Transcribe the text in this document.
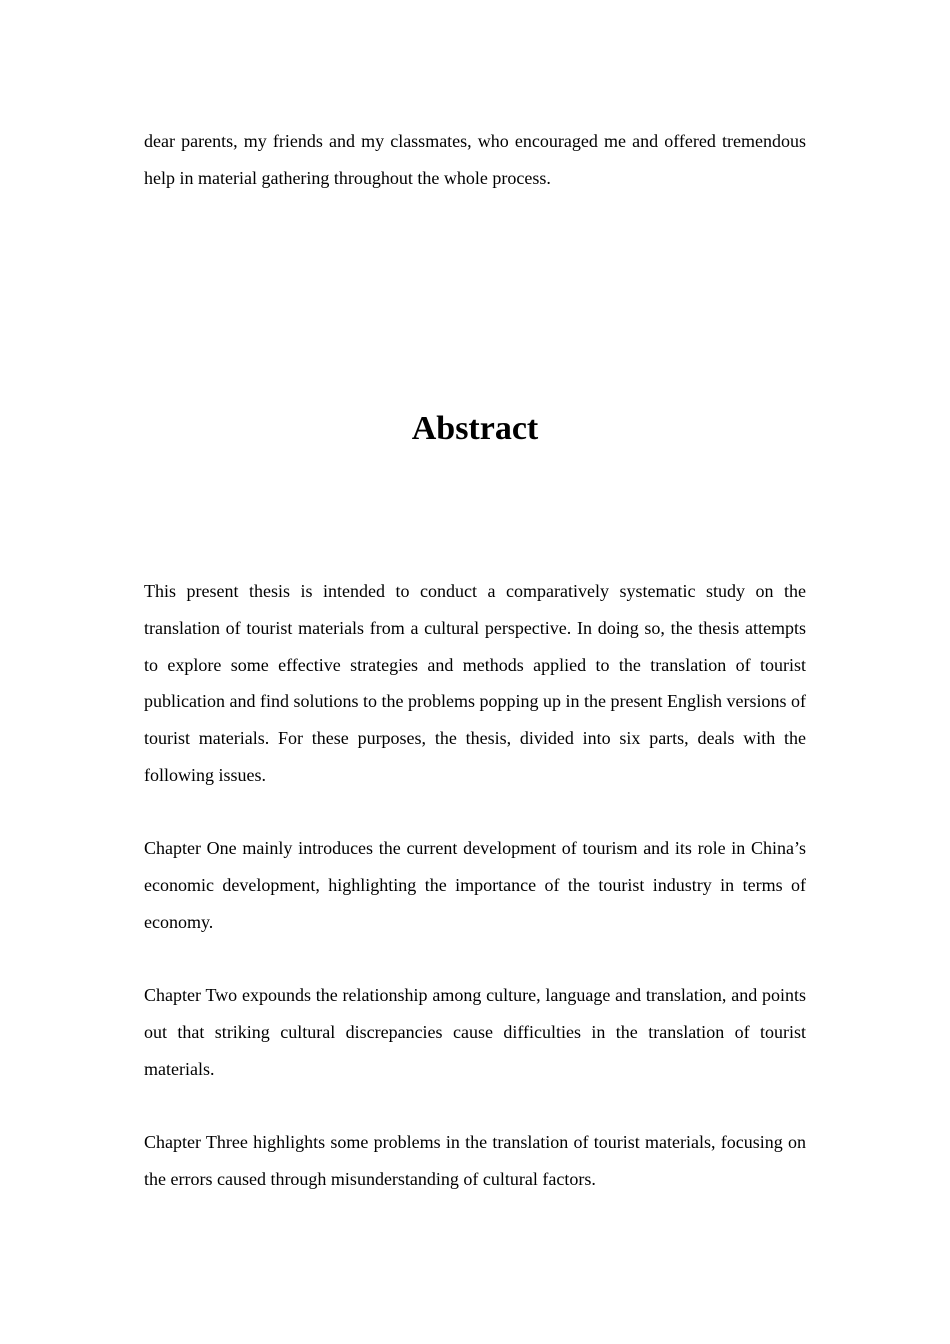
dear parents, my friends and my classmates, who encouraged me and offered tremendous help in material gathering throughout the whole process.

Abstract

This present thesis is intended to conduct a comparatively systematic study on the translation of tourist materials from a cultural perspective. In doing so, the thesis attempts to explore some effective strategies and methods applied to the translation of tourist publication and find solutions to the problems popping up in the present English versions of tourist materials. For these purposes, the thesis, divided into six parts, deals with the following issues.

Chapter One mainly introduces the current development of tourism and its role in China’s economic development, highlighting the importance of the tourist industry in terms of economy.

Chapter Two expounds the relationship among culture, language and translation, and points out that striking cultural discrepancies cause difficulties in the translation of tourist materials.

Chapter Three highlights some problems in the translation of tourist materials, focusing on the errors caused through misunderstanding of cultural factors.
